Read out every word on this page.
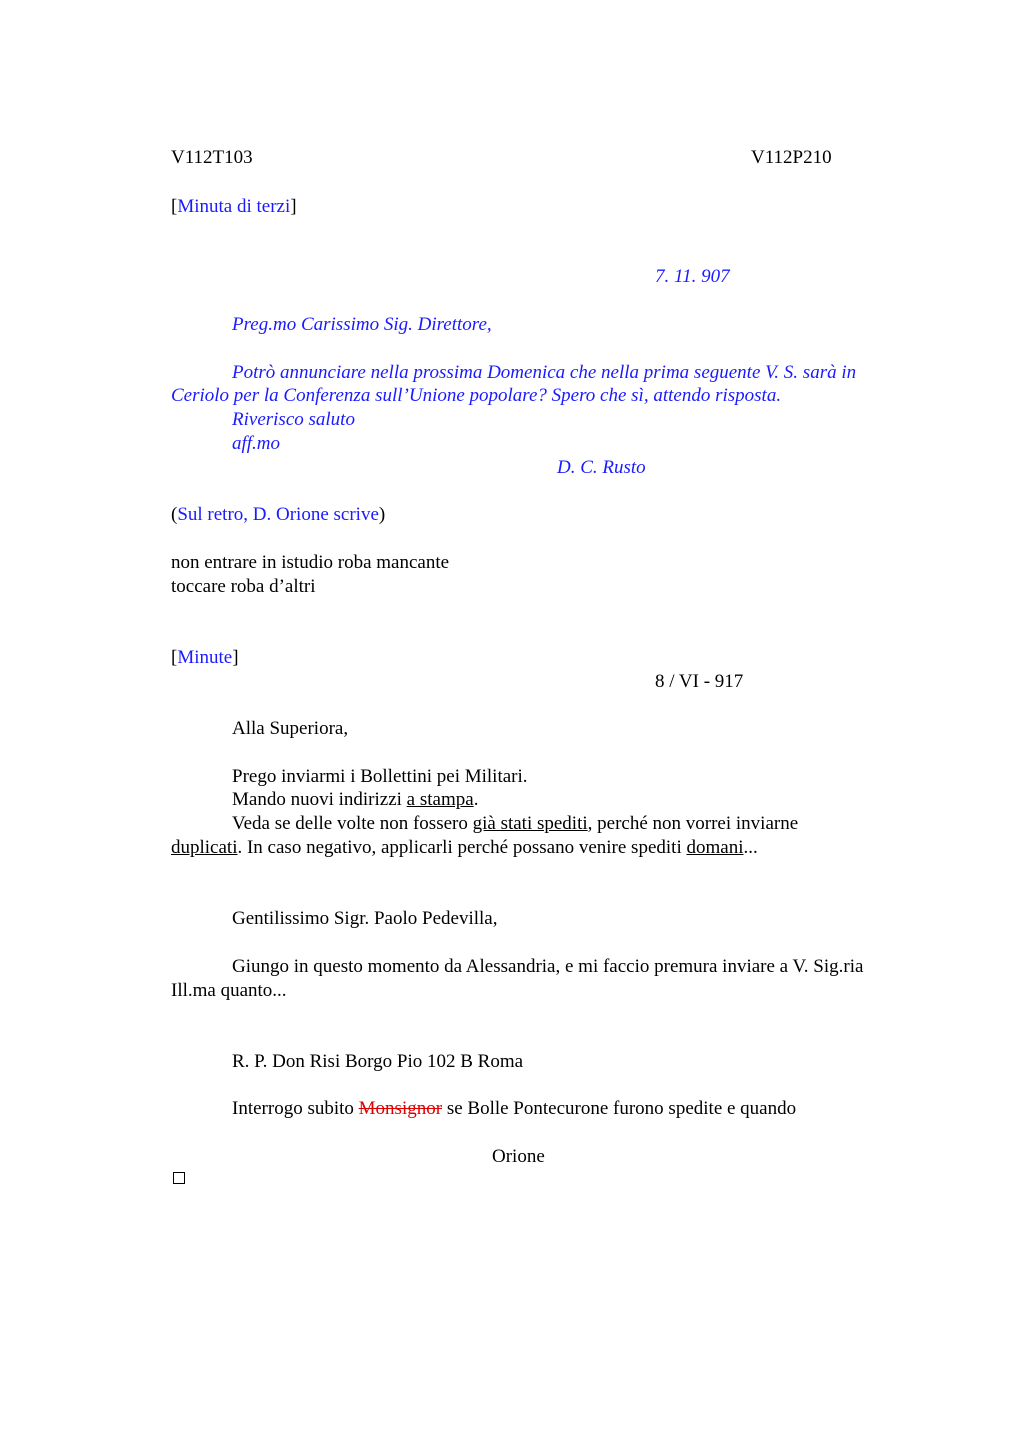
V112T103	V112P210

[Minuta di terzi]

7. 11. 907

Preg.mo Carissimo Sig. Direttore,

Potrò annunciare nella prossima Domenica che nella prima seguente V. S. sarà in

Ceriolo per la Conferenza sull’Unione popolare? Spero che sì, attendo risposta.

Riverisco saluto

aff.mo

D. C. Rusto

(Sul retro, D. Orione scrive)

non entrare in istudio roba mancante

toccare roba d’altri

[Minute]

8 / VI - 917

Alla Superiora,

Prego inviarmi i Bollettini pei Militari.

Mando nuovi indirizzi a stampa.

Veda se delle volte non fossero già stati spediti, perché non vorrei inviarne

duplicati. In caso negativo, applicarli perché possano venire spediti domani...

Gentilissimo Sigr. Paolo Pedevilla,

Giungo in questo momento da Alessandria, e mi faccio premura inviare a V. Sig.ria

Ill.ma quanto...

R. P. Don Risi Borgo Pio 102 B Roma

Interrogo subito Monsignor se Bolle Pontecurone furono spedite e quando

Orione
